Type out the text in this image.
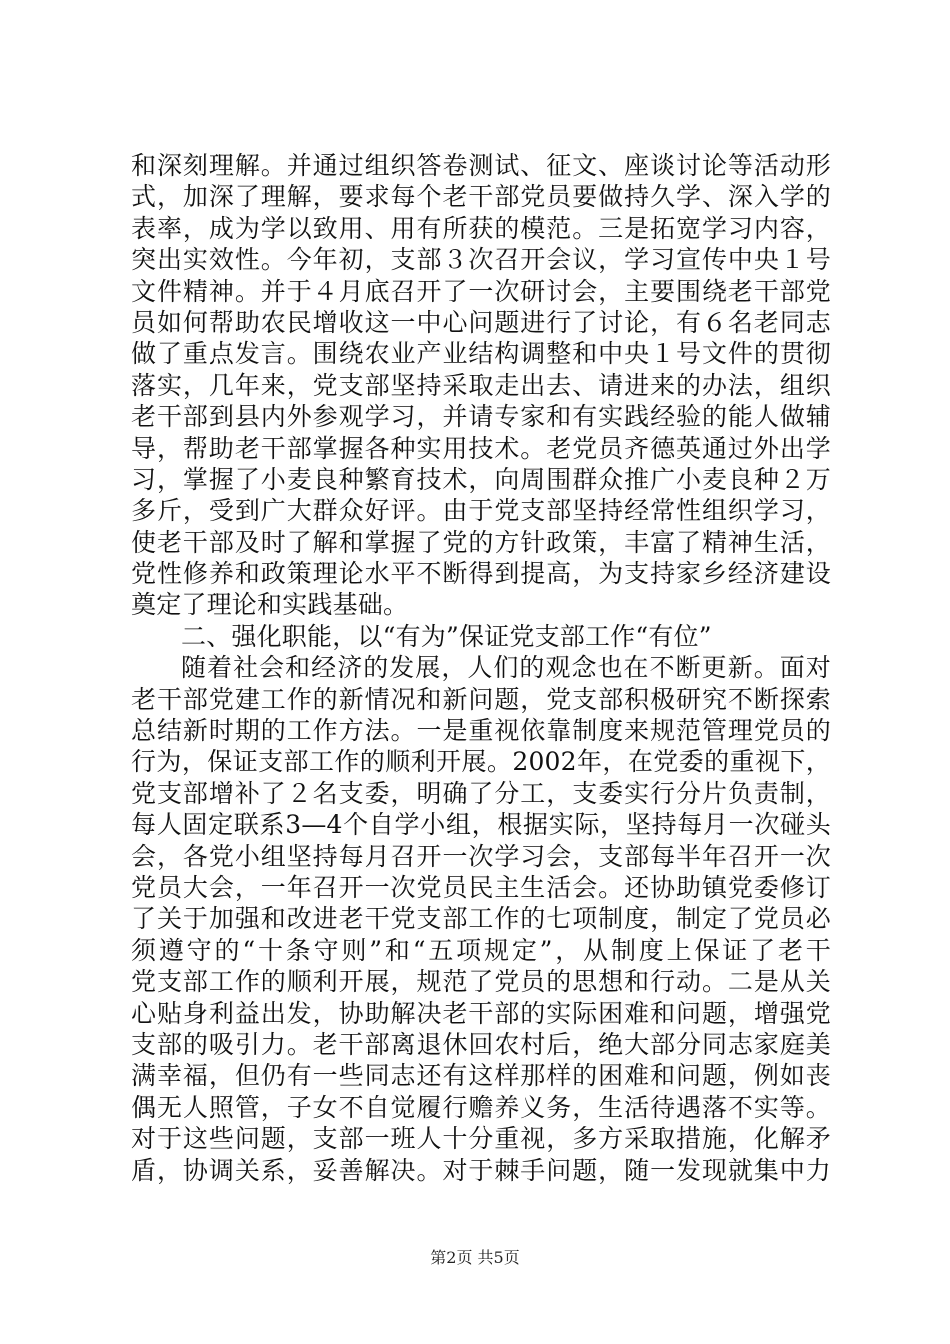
和深刻理解。并通过组织答卷测试、征文、座谈讨论等活动形
式，加深了理解，要求每个老干部党员要做持久学、深入学的
表率，成为学以致用、用有所获的模范。三是拓宽学习内容，
突出实效性。今年初，支部３次召开会议，学习宣传中央１号
文件精神。并于４月底召开了一次研讨会，主要围绕老干部党
员如何帮助农民增收这一中心问题进行了讨论，有６名老同志
做了重点发言。围绕农业产业结构调整和中央１号文件的贯彻
落实，几年来，党支部坚持采取走出去、请进来的办法，组织
老干部到县内外参观学习，并请专家和有实践经验的能人做辅
导，帮助老干部掌握各种实用技术。老党员齐德英通过外出学
习，掌握了小麦良种繁育技术，向周围群众推广小麦良种２万
多斤，受到广大群众好评。由于党支部坚持经常性组织学习，
使老干部及时了解和掌握了党的方针政策，丰富了精神生活，
党性修养和政策理论水平不断得到提高，为支持家乡经济建设
奠定了理论和实践基础。
二、强化职能，以“有为”保证党支部工作“有位”
随着社会和经济的发展，人们的观念也在不断更新。面对
老干部党建工作的新情况和新问题，党支部积极研究不断探索
总结新时期的工作方法。一是重视依靠制度来规范管理党员的
行为，保证支部工作的顺利开展。2002年，在党委的重视下，
党支部增补了２名支委，明确了分工，支委实行分片负责制，
每人固定联系3—4个自学小组，根据实际，坚持每月一次碰头
会，各党小组坚持每月召开一次学习会，支部每半年召开一次
党员大会，一年召开一次党员民主生活会。还协助镇党委修订
了关于加强和改进老干党支部工作的七项制度，制定了党员必
须遵守的“十条守则”和“五项规定”，从制度上保证了老干
党支部工作的顺利开展，规范了党员的思想和行动。二是从关
心贴身利益出发，协助解决老干部的实际困难和问题，增强党
支部的吸引力。老干部离退休回农村后，绝大部分同志家庭美
满幸福，但仍有一些同志还有这样那样的困难和问题，例如丧
偶无人照管，子女不自觉履行赡养义务，生活待遇落不实等。
对于这些问题，支部一班人十分重视，多方采取措施，化解矛
盾，协调关系，妥善解决。对于棘手问题，随一发现就集中力
第2页 共5页
